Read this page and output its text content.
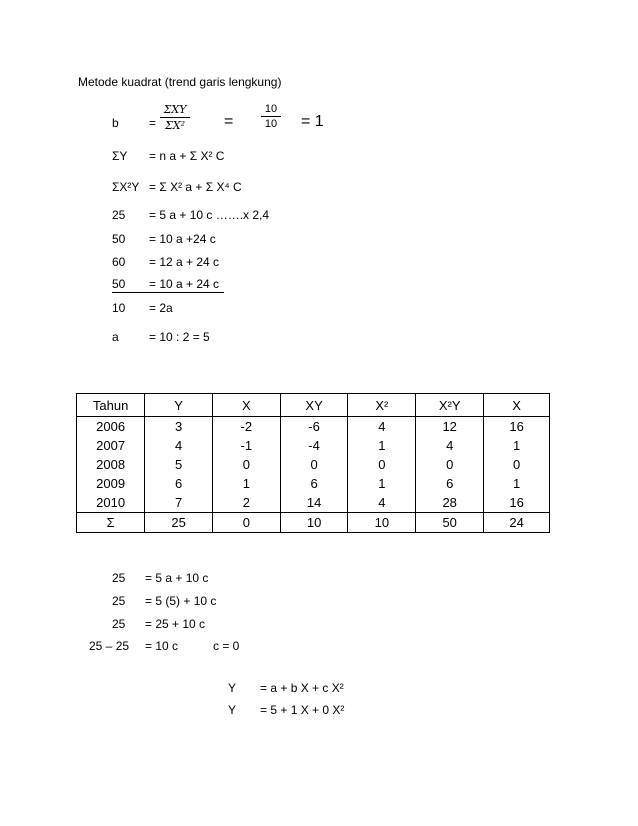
Metode kuadrat (trend garis lengkung)
b	=
ΣXY
ΣX²	=	$\frac{10}{10} = 1$
ΣY = n a + Σ X² C
ΣX²Y = Σ X² a + Σ X⁴ C
25 = 5 a + 10 c …….x 2,4
50 = 10 a +24 c
60 = 12 a + 24 c
50 = 10 a + 24 c
10 = 2a
a	= 10 : 2 = 5
Tahun	Y	X	XY	X²	X²Y	X
2006	3	-2	-6	4	12	16
2007	4	-1	-4	1	4	1
2008	5	0	0	0	0	0
2009	6	1	6	1	6	1
2010	7	2	14	4	28	16
Σ	25	0	10	10	50	24
25 = 5 a + 10 c
25 = 5 (5) + 10 c
25 = 25 + 10 c
25 – 25 = 10 c	c = 0
Y = a + b X + c X²
Y = 5 + 1 X + 0 X²
